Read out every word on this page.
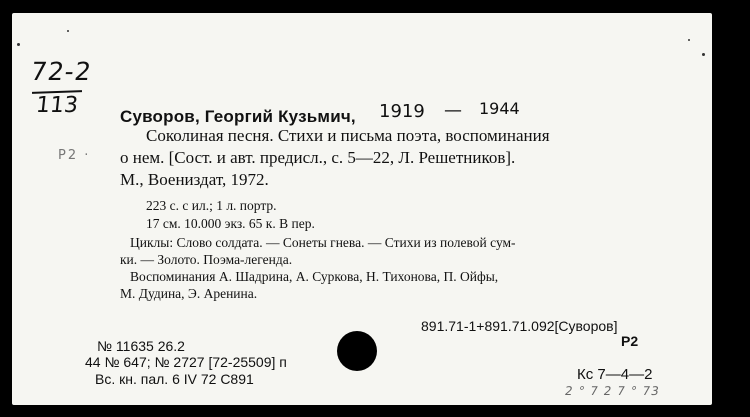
72-2
113
Р2 ·
1919 — 1944
Суворов, Георгий Кузьмич,
Соколиная песня. Стихи и письма поэта, воспоминания
о нем. [Сост. и авт. предисл., с. 5—22, Л. Решетников].
М., Воениздат, 1972.
223 с. с ил.; 1 л. портр.
17 см. 10.000 экз. 65 к. В пер.
Циклы: Слово солдата. — Сонеты гнева. — Стихи из полевой сум-
ки. — Золото. Поэма-легенда.
Воспоминания А. Шадрина, А. Суркова, Н. Тихонова, П. Ойфы,
М. Дудина, Э. Аренина.
№ 11635 26.2
44 № 647; № 2727 [72-25509] п
Вс. кн. пал. 6 IV 72 С891
891.71-1+891.71.092[Суворов]
Р2
Кс 7—4—2
2 ° 7 2 7 ° 73
